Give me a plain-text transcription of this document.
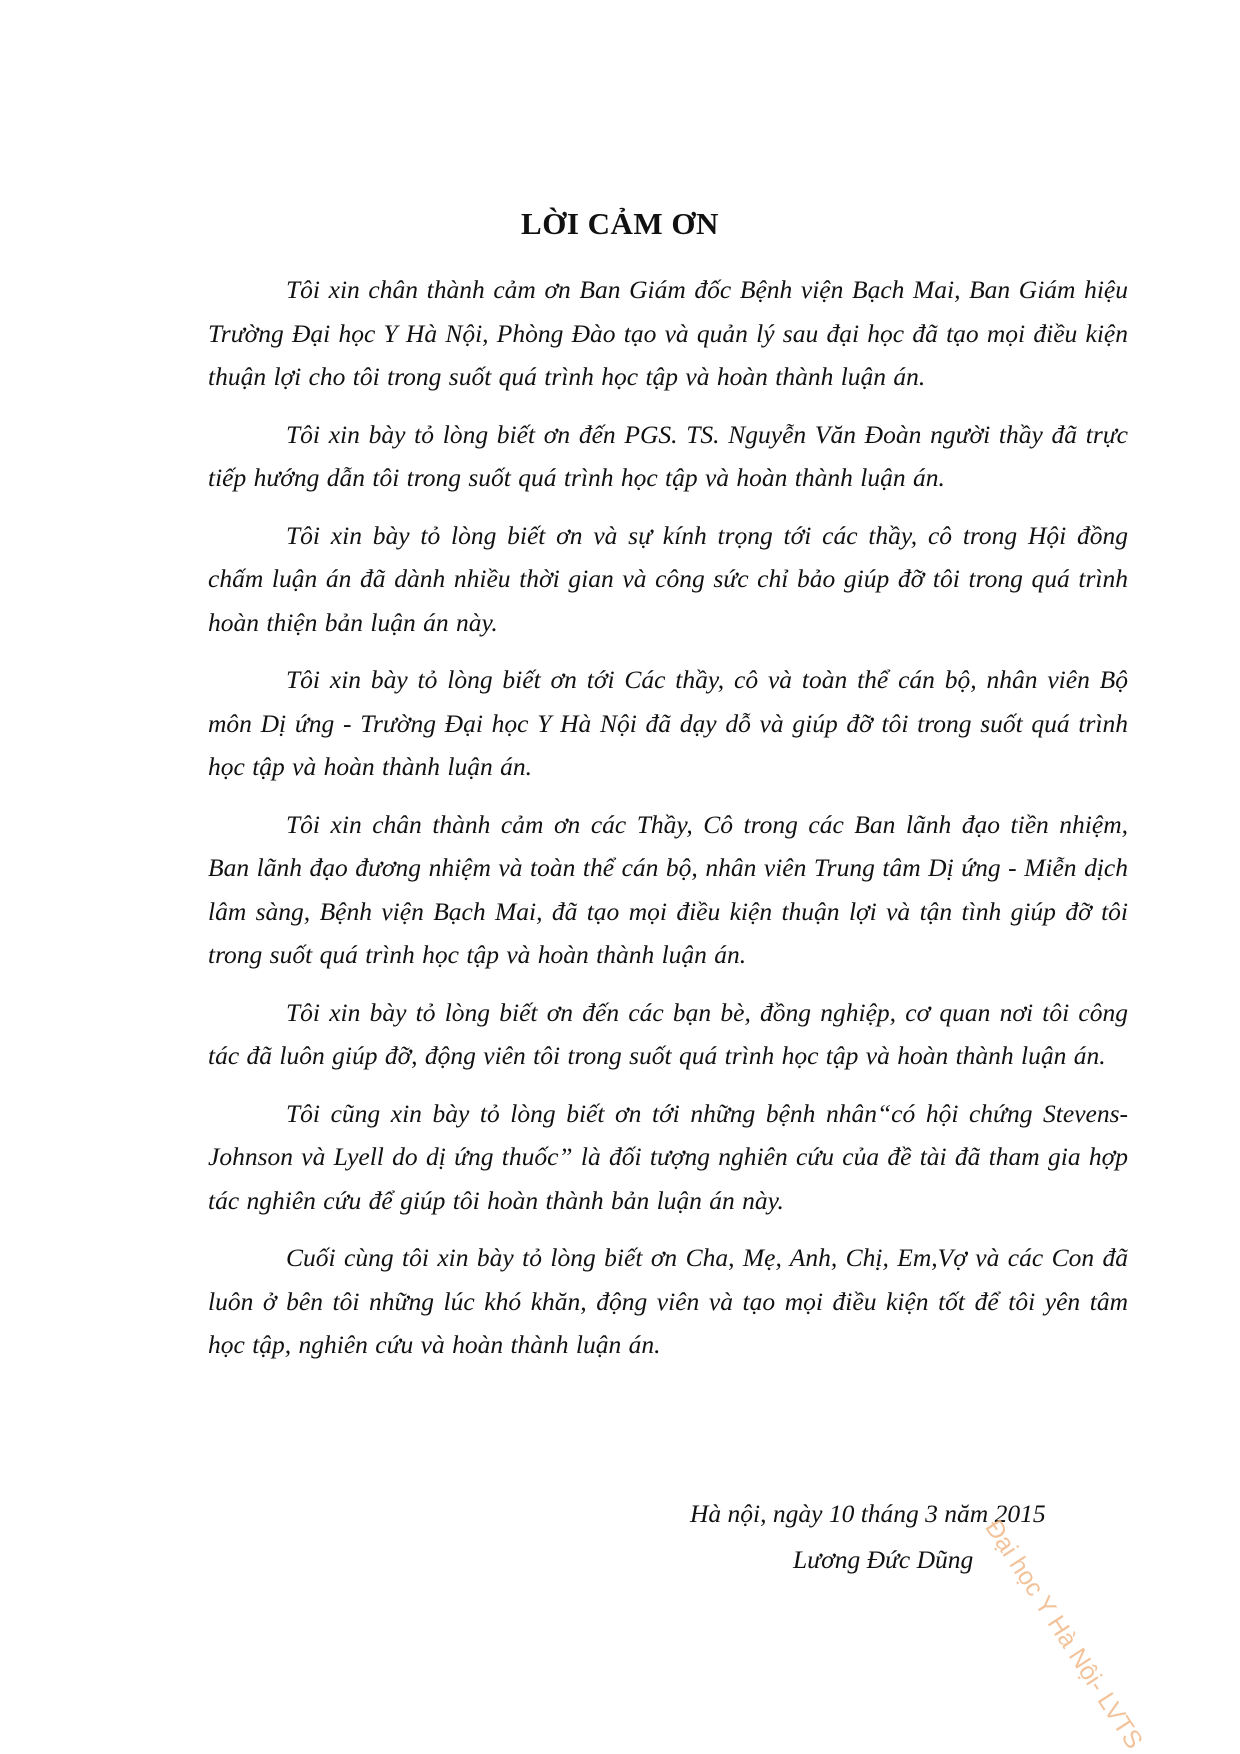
LỜI CẢM ƠN

Tôi xin chân thành cảm ơn Ban Giám đốc Bệnh viện Bạch Mai, Ban Giám hiệu Trường Đại học Y Hà Nội, Phòng Đào tạo và quản lý sau đại học đã tạo mọi điều kiện thuận lợi cho tôi trong suốt quá trình học tập và hoàn thành luận án.

Tôi xin bày tỏ lòng biết ơn đến PGS. TS. Nguyễn Văn Đoàn người thầy đã trực tiếp hướng dẫn tôi trong suốt quá trình học tập và hoàn thành luận án.

Tôi xin bày tỏ lòng biết ơn và sự kính trọng tới các thầy, cô trong Hội đồng chấm luận án đã dành nhiều thời gian và công sức chỉ bảo giúp đỡ tôi trong quá trình hoàn thiện bản luận án này.

Tôi xin bày tỏ lòng biết ơn tới Các thầy, cô và toàn thể cán bộ, nhân viên Bộ môn Dị ứng - Trường Đại học Y Hà Nội đã dạy dỗ và giúp đỡ tôi trong suốt quá trình học tập và hoàn thành luận án.

Tôi xin chân thành cảm ơn các Thầy, Cô trong các Ban lãnh đạo tiền nhiệm, Ban lãnh đạo đương nhiệm và toàn thể cán bộ, nhân viên Trung tâm Dị ứng - Miễn dịch lâm sàng, Bệnh viện Bạch Mai, đã tạo mọi điều kiện thuận lợi và tận tình giúp đỡ tôi trong suốt quá trình học tập và hoàn thành luận án.

Tôi xin bày tỏ lòng biết ơn đến các bạn bè, đồng nghiệp, cơ quan nơi tôi công tác đã luôn giúp đỡ, động viên tôi trong suốt quá trình học tập và hoàn thành luận án.

Tôi cũng xin bày tỏ lòng biết ơn tới những bệnh nhân“có hội chứng Stevens-Johnson và Lyell do dị ứng thuốc” là đối tượng nghiên cứu của đề tài đã tham gia hợp tác nghiên cứu để giúp tôi hoàn thành bản luận án này.

Cuối cùng tôi xin bày tỏ lòng biết ơn Cha, Mẹ, Anh, Chị, Em,Vợ và các Con đã luôn ở bên tôi những lúc khó khăn, động viên và tạo mọi điều kiện tốt để tôi yên tâm học tập, nghiên cứu và hoàn thành luận án.

Hà nội, ngày 10 tháng 3 năm 2015

Lương Đức Dũng Đại học Y Hà Nội- LVTS
